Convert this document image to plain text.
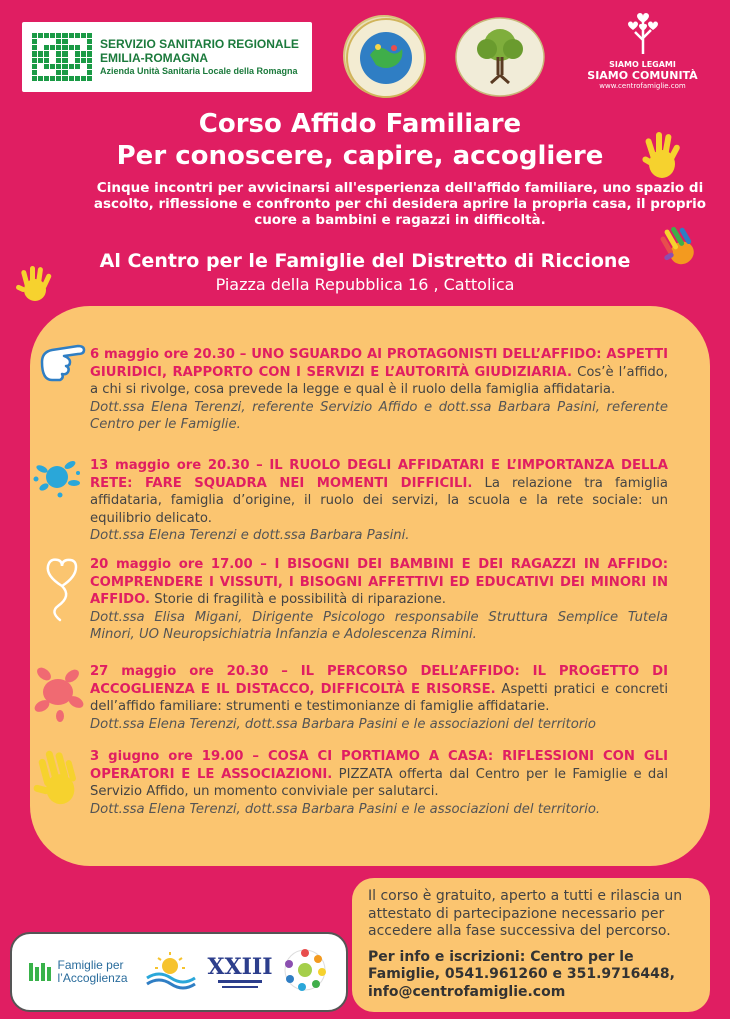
SERVIZIO SANITARIO REGIONALE
EMILIA-ROMAGNA
Azienda Unità Sanitaria Locale della Romagna
SIAMO LEGAMI
SIAMO COMUNITÀ
www.centrofamiglie.com
Corso Affido Familiare
Per conoscere, capire, accogliere
Cinque incontri per avvicinarsi all'esperienza dell'affido familiare, uno spazio di ascolto, riflessione e confronto per chi desidera aprire la propria casa, il proprio cuore a bambini e ragazzi in difficoltà.
Al Centro per le Famiglie del Distretto di Riccione
Piazza della Repubblica 16 , Cattolica
6 maggio ore 20.30 – UNO SGUARDO AI PROTAGONISTI DELL’AFFIDO: ASPETTI GIURIDICI, RAPPORTO CON I SERVIZI E L’AUTORITÀ GIUDIZIARIA. Cos’è l’affido, a chi si rivolge, cosa prevede la legge e qual è il ruolo della famiglia affidataria.
Dott.ssa Elena Terenzi, referente Servizio Affido e dott.ssa Barbara Pasini, referente Centro per le Famiglie.
13 maggio ore 20.30 – IL RUOLO DEGLI AFFIDATARI E L’IMPORTANZA DELLA RETE: FARE SQUADRA NEI MOMENTI DIFFICILI. La relazione tra famiglia affidataria, famiglia d’origine, il ruolo dei servizi, la scuola e la rete sociale: un equilibrio delicato.
Dott.ssa Elena Terenzi e dott.ssa Barbara Pasini.
20 maggio ore 17.00 – I BISOGNI DEI BAMBINI E DEI RAGAZZI IN AFFIDO: COMPRENDERE I VISSUTI, I BISOGNI AFFETTIVI ED EDUCATIVI DEI MINORI IN AFFIDO. Storie di fragilità e possibilità di riparazione.
Dott.ssa Elisa Migani, Dirigente Psicologo responsabile Struttura Semplice Tutela Minori, UO Neuropsichiatria Infanzia e Adolescenza Rimini.
27 maggio ore 20.30 – IL PERCORSO DELL’AFFIDO: IL PROGETTO DI ACCOGLIENZA E IL DISTACCO, DIFFICOLTÀ E RISORSE. Aspetti pratici e concreti dell’affido familiare: strumenti e testimonianze di famiglie affidatarie.
Dott.ssa Elena Terenzi, dott.ssa Barbara Pasini e le associazioni del territorio
3 giugno ore 19.00 – COSA CI PORTIAMO A CASA: RIFLESSIONI CON GLI OPERATORI E LE ASSOCIAZIONI. PIZZATA offerta dal Centro per le Famiglie e dal Servizio Affido, un momento conviviale per salutarci.
Dott.ssa Elena Terenzi, dott.ssa Barbara Pasini e le associazioni del territorio.
Famiglie per
l’Accoglienza	XXIII
Il corso è gratuito, aperto a tutti e rilascia un attestato di partecipazione necessario per accedere alla fase successiva del percorso.
Per info e iscrizioni: Centro per le Famiglie, 0541.961260 e 351.9716448, info@centrofamiglie.com
